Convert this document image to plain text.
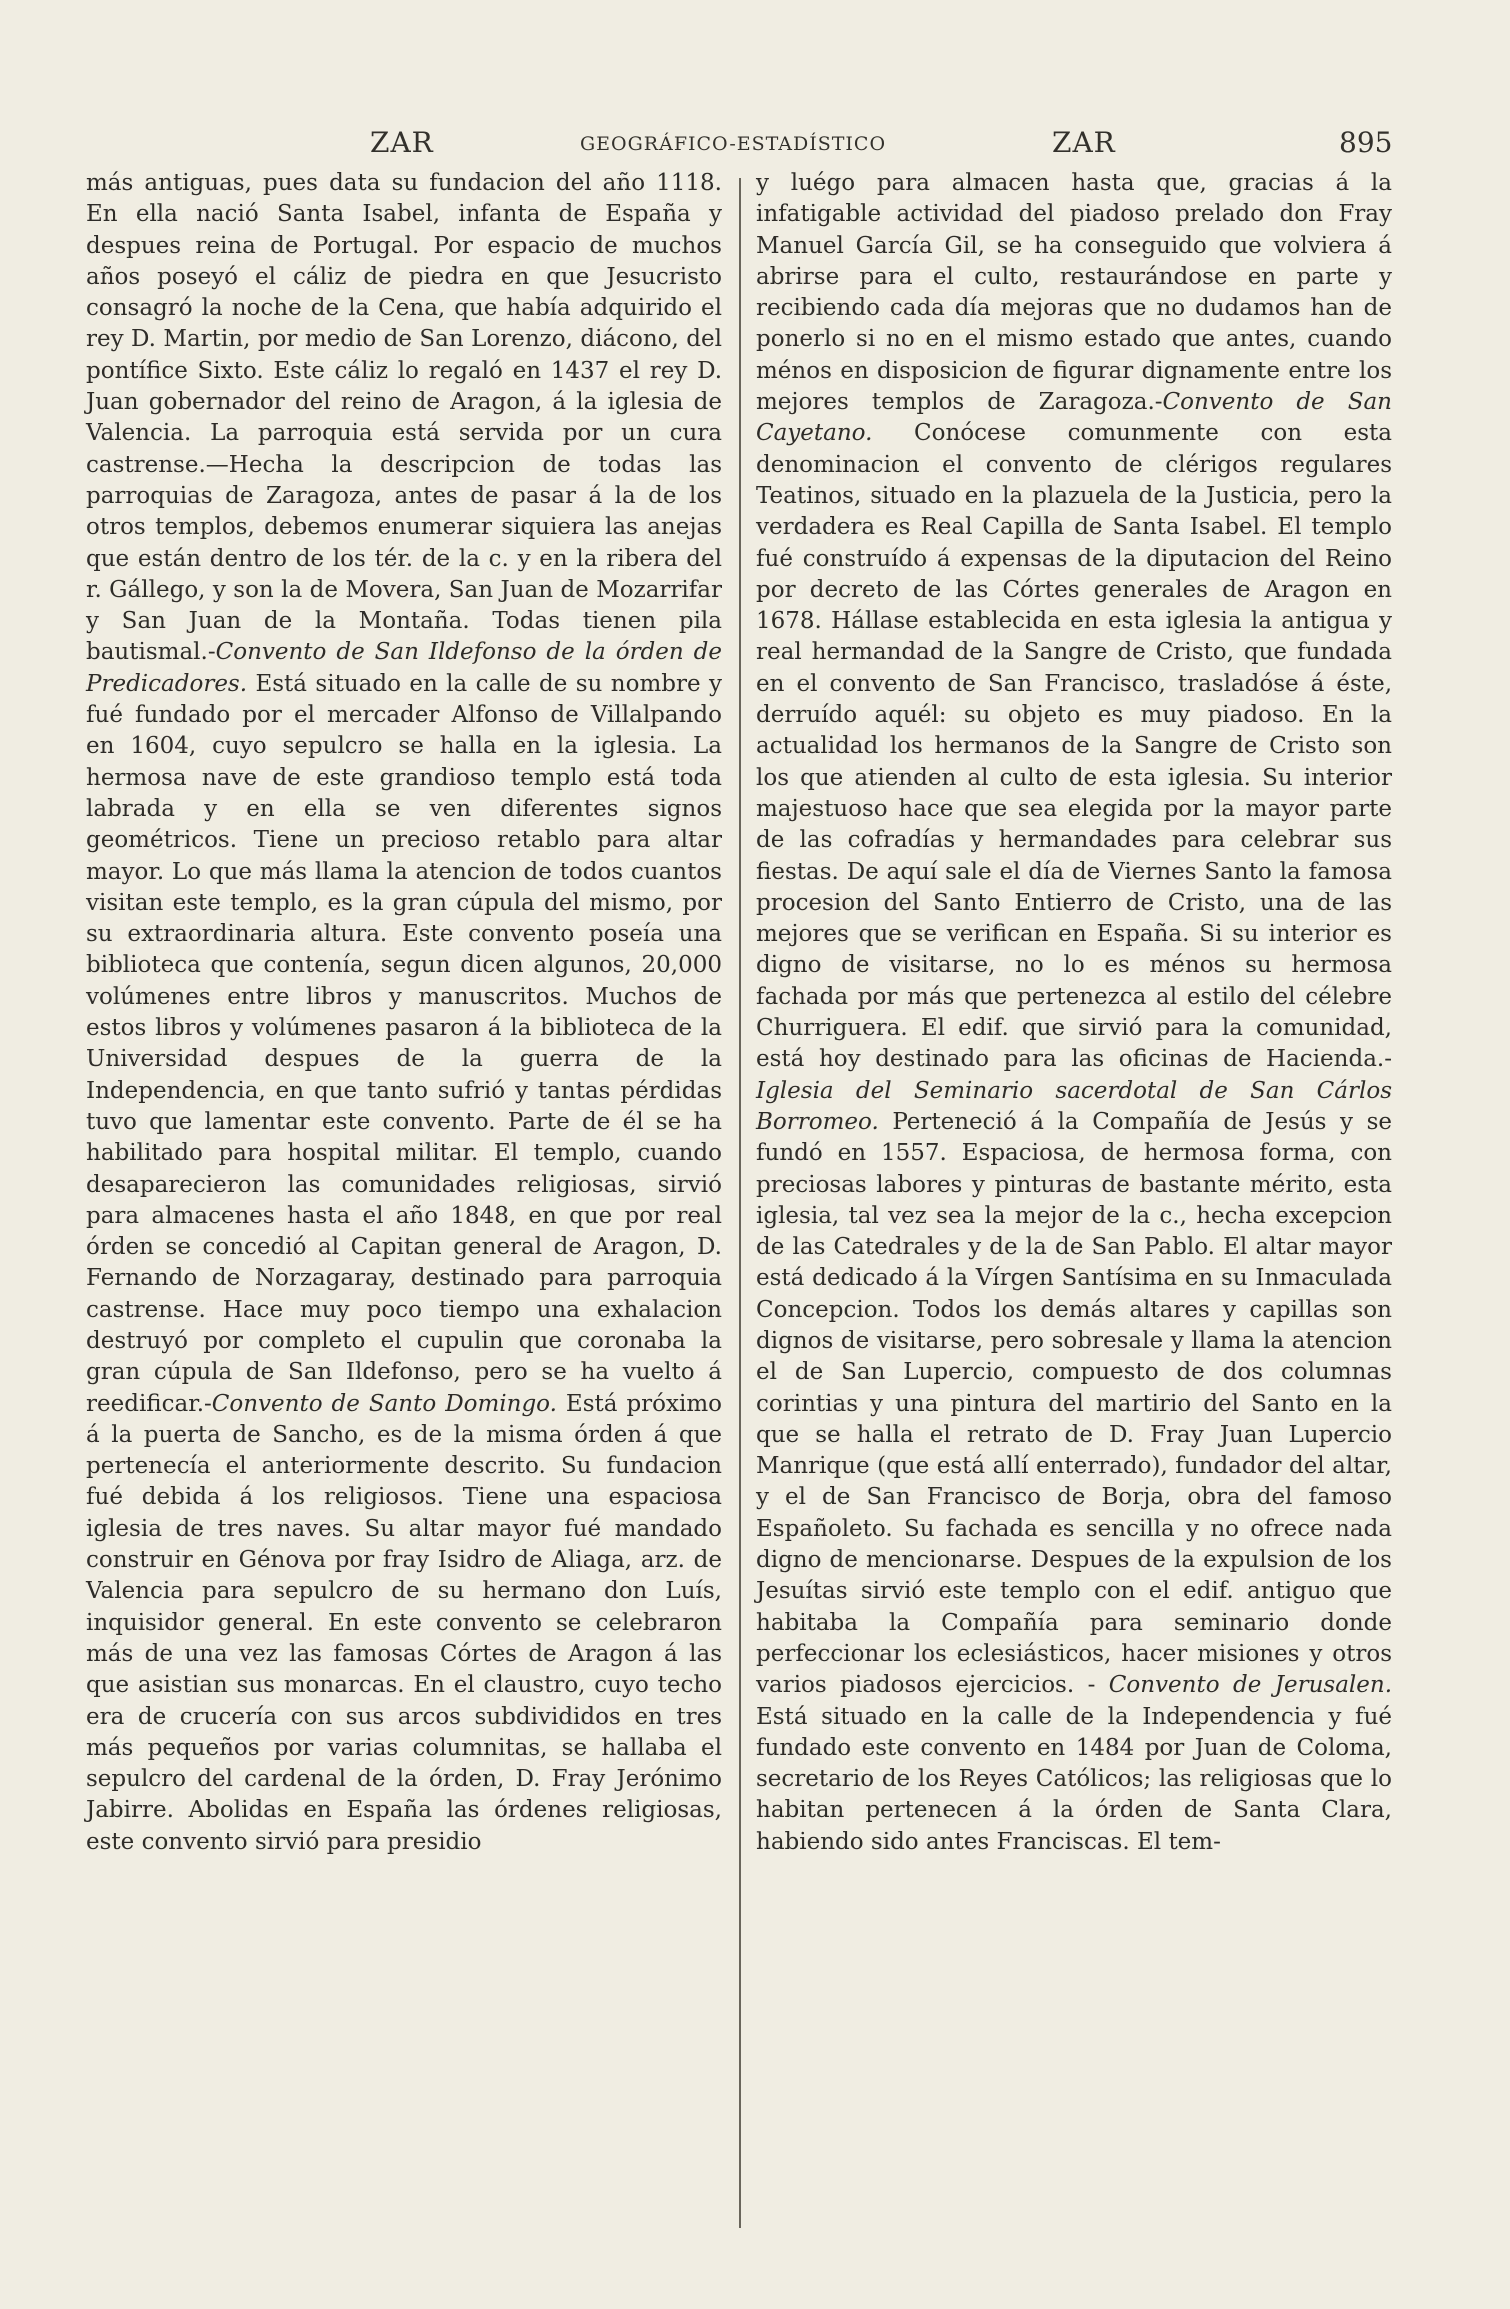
ZAR	GEOGRÁFICO-ESTADÍSTICO	ZAR	895

más antiguas, pues data su fundacion del año 1118. En ella nació Santa Isabel, infanta de España y despues reina de Portugal. Por espacio de muchos años poseyó el cáliz de piedra en que Jesucristo consagró la noche de la Cena, que había adquirido el rey D. Martin, por medio de San Lorenzo, diácono, del pontífice Sixto. Este cáliz lo regaló en 1437 el rey D. Juan gobernador del reino de Aragon, á la iglesia de Valencia. La parroquia está servida por un cura castrense.—Hecha la descripcion de todas las parroquias de Zaragoza, antes de pasar á la de los otros templos, debemos enumerar siquiera las anejas que están dentro de los tér. de la c. y en la ribera del r. Gállego, y son la de Movera, San Juan de Mozarrifar y San Juan de la Montaña. Todas tienen pila bautismal.-Convento de San Ildefonso de la órden de Predicadores. Está situado en la calle de su nombre y fué fundado por el mercader Alfonso de Villalpando en 1604, cuyo sepulcro se halla en la iglesia. La hermosa nave de este grandioso templo está toda labrada y en ella se ven diferentes signos geométricos. Tiene un precioso retablo para altar mayor. Lo que más llama la atencion de todos cuantos visitan este templo, es la gran cúpula del mismo, por su extraordinaria altura. Este convento poseía una biblioteca que contenía, segun dicen algunos, 20,000 volúmenes entre libros y manuscritos. Muchos de estos libros y volúmenes pasaron á la biblioteca de la Universidad despues de la guerra de la Independencia, en que tanto sufrió y tantas pérdidas tuvo que lamentar este convento. Parte de él se ha habilitado para hospital militar. El templo, cuando desaparecieron las comunidades religiosas, sirvió para almacenes hasta el año 1848, en que por real órden se concedió al Capitan general de Aragon, D. Fernando de Norzagaray, destinado para parroquia castrense. Hace muy poco tiempo una exhalacion destruyó por completo el cupulin que coronaba la gran cúpula de San Ildefonso, pero se ha vuelto á reedificar.-Convento de Santo Domingo. Está próximo á la puerta de Sancho, es de la misma órden á que pertenecía el anteriormente descrito. Su fundacion fué debida á los religiosos. Tiene una espaciosa iglesia de tres naves. Su altar mayor fué mandado construir en Génova por fray Isidro de Aliaga, arz. de Valencia para sepulcro de su hermano don Luís, inquisidor general. En este convento se celebraron más de una vez las famosas Córtes de Aragon á las que asistian sus monarcas. En el claustro, cuyo techo era de crucería con sus arcos subdivididos en tres más pequeños por varias columnitas, se hallaba el sepulcro del cardenal de la órden, D. Fray Jerónimo Jabirre. Abolidas en España las órdenes religiosas, este convento sirvió para presidio

y luégo para almacen hasta que, gracias á la infatigable actividad del piadoso prelado don Fray Manuel García Gil, se ha conseguido que volviera á abrirse para el culto, restaurándose en parte y recibiendo cada día mejoras que no dudamos han de ponerlo si no en el mismo estado que antes, cuando ménos en disposicion de figurar dignamente entre los mejores templos de Zaragoza.-Convento de San Cayetano. Conócese comunmente con esta denominacion el convento de clérigos regulares Teatinos, situado en la plazuela de la Justicia, pero la verdadera es Real Capilla de Santa Isabel. El templo fué construído á expensas de la diputacion del Reino por decreto de las Córtes generales de Aragon en 1678. Hállase establecida en esta iglesia la antigua y real hermandad de la Sangre de Cristo, que fundada en el convento de San Francisco, trasladóse á éste, derruído aquél: su objeto es muy piadoso. En la actualidad los hermanos de la Sangre de Cristo son los que atienden al culto de esta iglesia. Su interior majestuoso hace que sea elegida por la mayor parte de las cofradías y hermandades para celebrar sus fiestas. De aquí sale el día de Viernes Santo la famosa procesion del Santo Entierro de Cristo, una de las mejores que se verifican en España. Si su interior es digno de visitarse, no lo es ménos su hermosa fachada por más que pertenezca al estilo del célebre Churriguera. El edif. que sirvió para la comunidad, está hoy destinado para las oficinas de Hacienda.-Iglesia del Seminario sacerdotal de San Cárlos Borromeo. Perteneció á la Compañía de Jesús y se fundó en 1557. Espaciosa, de hermosa forma, con preciosas labores y pinturas de bastante mérito, esta iglesia, tal vez sea la mejor de la c., hecha excepcion de las Catedrales y de la de San Pablo. El altar mayor está dedicado á la Vírgen Santísima en su Inmaculada Concepcion. Todos los demás altares y capillas son dignos de visitarse, pero sobresale y llama la atencion el de San Lupercio, compuesto de dos columnas corintias y una pintura del martirio del Santo en la que se halla el retrato de D. Fray Juan Lupercio Manrique (que está allí enterrado), fundador del altar, y el de San Francisco de Borja, obra del famoso Españoleto. Su fachada es sencilla y no ofrece nada digno de mencionarse. Despues de la expulsion de los Jesuítas sirvió este templo con el edif. antiguo que habitaba la Compañía para seminario donde perfeccionar los eclesiásticos, hacer misiones y otros varios piadosos ejercicios. - Convento de Jerusalen. Está situado en la calle de la Independencia y fué fundado este convento en 1484 por Juan de Coloma, secretario de los Reyes Católicos; las religiosas que lo habitan pertenecen á la órden de Santa Clara, habiendo sido antes Franciscas. El tem-
